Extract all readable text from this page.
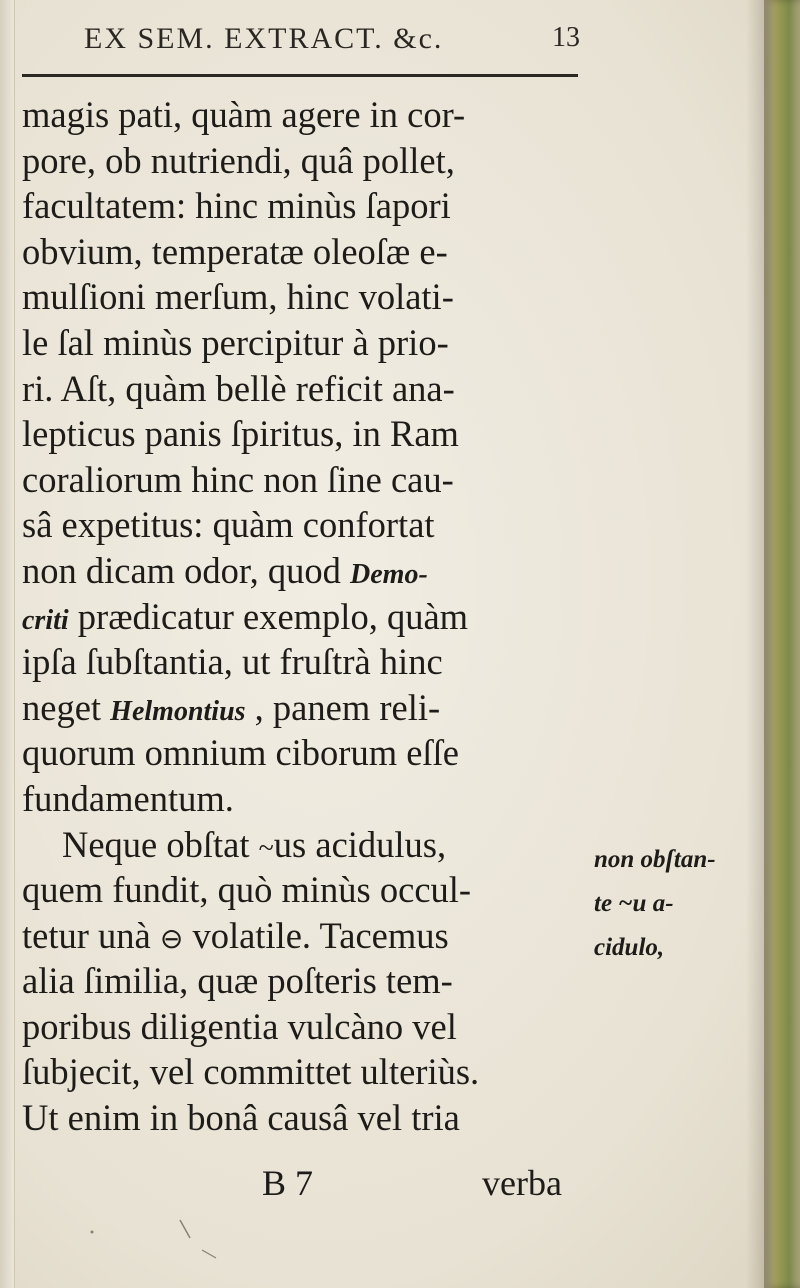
EX SEM. EXTRACT. &c.	13
magis pati, quàm agere in cor-
pore, ob nutriendi, quâ pollet,
facultatem: hinc minùs ſapori
obvium, temperatæ oleoſæ e-
mulſioni merſum, hinc volati-
le ſal minùs percipitur à prio-
ri. Aſt, quàm bellè reficit ana-
lepticus panis ſpiritus, in Ram
coraliorum hinc non ſine cau-
sâ expetitus: quàm confortat
non dicam odor, quod Demo-
criti prædicatur exemplo, quàm
ipſa ſubſtantia, ut fruſtrà hinc
neget Helmontius , panem reli-
quorum omnium ciborum eſſe
fundamentum.
Neque obſtat ~us acidulus,
quem fundit, quò minùs occul-
tetur unà ⊖ volatile. Tacemus
alia ſimilia, quæ poſteris tem-
poribus diligentia vulcàno vel
ſubjecit, vel committet ulteriùs.
Ut enim in bonâ causâ vel tria
non obſtan-
te ~u a-
cidulo,
B 7	verba
